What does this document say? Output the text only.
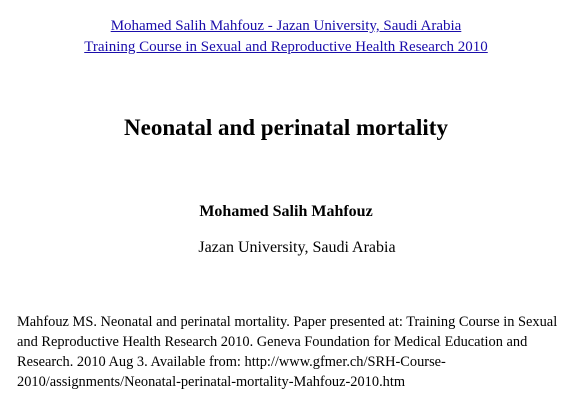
Mohamed Salih Mahfouz - Jazan University, Saudi Arabia
Training Course in Sexual and Reproductive Health Research 2010
Neonatal and perinatal mortality
Mohamed Salih Mahfouz
Jazan University, Saudi Arabia
Mahfouz MS. Neonatal and perinatal mortality. Paper presented at: Training Course in Sexual and Reproductive Health Research 2010. Geneva Foundation for Medical Education and Research. 2010 Aug 3. Available from: http://www.gfmer.ch/SRH-Course-2010/assignments/Neonatal-perinatal-mortality-Mahfouz-2010.htm
